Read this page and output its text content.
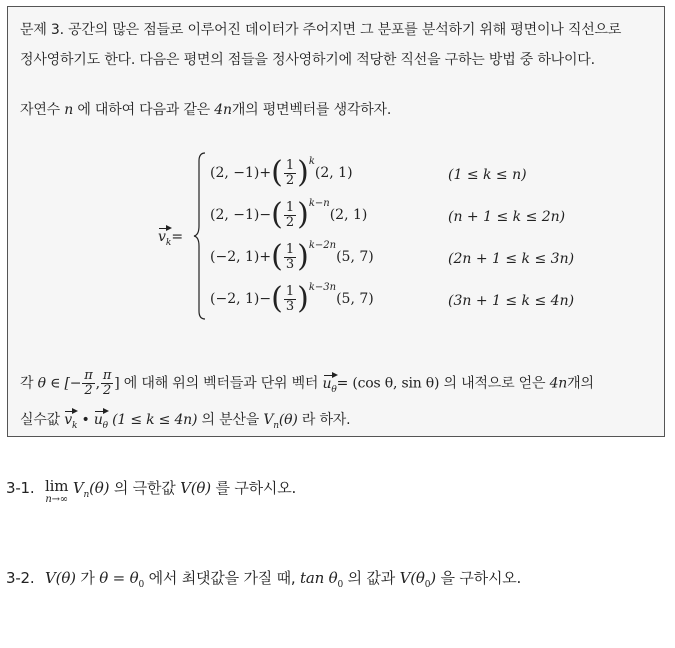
문제 3. 공간의 많은 점들로 이루어진 데이터가 주어지면 그 분포를 분석하기 위해 평면이나 직선으로
정사영하기도 한다. 다음은 평면의 점들을 정사영하기에 적당한 직선을 구하는 방법 중 하나이다.
자연수 n 에 대하여 다음과 같은 4n개의 평면벡터를 생각하자.
$v_k=$
(2, $-1)+( \frac{1}{2} )^k(2$, 1)	(1 ≤ k ≤ n)
(2, $-1)-( \frac{1}{2} )^{k-n}(2$, 1)	(n + 1 ≤ k ≤ 2n)
(−2, $1)+( \frac{1}{3} )^{k-2n}(5$, 7)	(2n + 1 ≤ k ≤ 3n)
(−2, $1)-( \frac{1}{3} )^{k-3n}(5$, 7)	(3n + 1 ≤ k ≤ 4n)
각 θ ∈ [− $\frac{\pi}{2}$ , $\frac{\pi}{2}$ ] 에 대해 위의 벡터들과 단위 벡터 $u_\theta= (\cos$ θ, sin θ) 의 내적으로 얻은 4n개의
실수값 $v_k$ • $u_\theta$ (1 ≤ k ≤ 4n) 의 분산을 $V_n(\theta)$ 라 하자.
3-1. lim
n→∞
$V_n(\theta)$ 의 극한값 V(θ) 를 구하시오.
3-2. V(θ) 가 $\theta = \theta_0$ 에서 최댓값을 가질 때, $\tan \theta_0$ 의 값과 $V(\theta_0)$ 을 구하시오.
